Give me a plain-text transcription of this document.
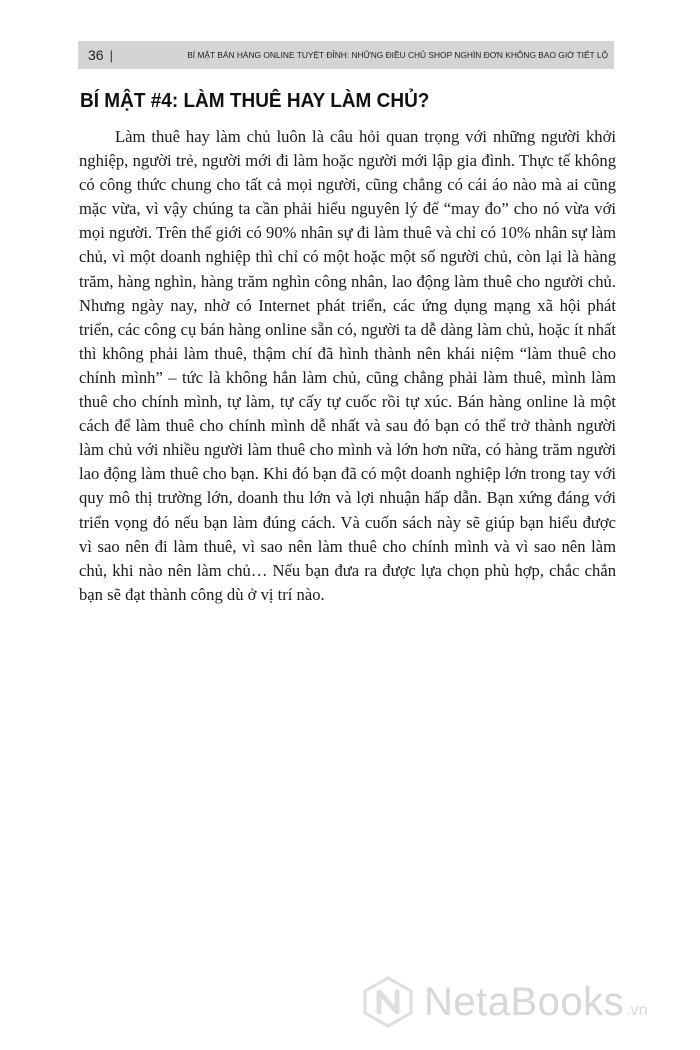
36 |	BÍ MẬT BÁN HÀNG ONLINE TUYỆT ĐỈNH: NHỮNG ĐIỀU CHỦ SHOP NGHÌN ĐƠN KHÔNG BAO GIỜ TIẾT LỘ
BÍ MẬT #4: LÀM THUÊ HAY LÀM CHỦ?

Làm thuê hay làm chủ luôn là câu hỏi quan trọng với những người khởi nghiệp, người trẻ, người mới đi làm hoặc người mới lập gia đình. Thực tế không có công thức chung cho tất cả mọi người, cũng chẳng có cái áo nào mà ai cũng mặc vừa, vì vậy chúng ta cần phải hiểu nguyên lý để “may đo” cho nó vừa với mọi người. Trên thế giới có 90% nhân sự đi làm thuê và chỉ có 10% nhân sự làm chủ, vì một doanh nghiệp thì chỉ có một hoặc một số người chủ, còn lại là hàng trăm, hàng nghìn, hàng trăm nghìn công nhân, lao động làm thuê cho người chủ. Nhưng ngày nay, nhờ có Internet phát triển, các ứng dụng mạng xã hội phát triển, các công cụ bán hàng online sẵn có, người ta dễ dàng làm chủ, hoặc ít nhất thì không phải làm thuê, thậm chí đã hình thành nên khái niệm “làm thuê cho chính mình” – tức là không hẳn làm chủ, cũng chẳng phải làm thuê, mình làm thuê cho chính mình, tự làm, tự cấy tự cuốc rồi tự xúc. Bán hàng online là một cách để làm thuê cho chính mình dễ nhất và sau đó bạn có thể trở thành người làm chủ với nhiều người làm thuê cho mình và lớn hơn nữa, có hàng trăm người lao động làm thuê cho bạn. Khi đó bạn đã có một doanh nghiệp lớn trong tay với quy mô thị trường lớn, doanh thu lớn và lợi nhuận hấp dẫn. Bạn xứng đáng với triển vọng đó nếu bạn làm đúng cách. Và cuốn sách này sẽ giúp bạn hiểu được vì sao nên đi làm thuê, vì sao nên làm thuê cho chính mình và vì sao nên làm chủ, khi nào nên làm chủ… Nếu bạn đưa ra được lựa chọn phù hợp, chắc chắn bạn sẽ đạt thành công dù ở vị trí nào.

NetaBooks .vn
